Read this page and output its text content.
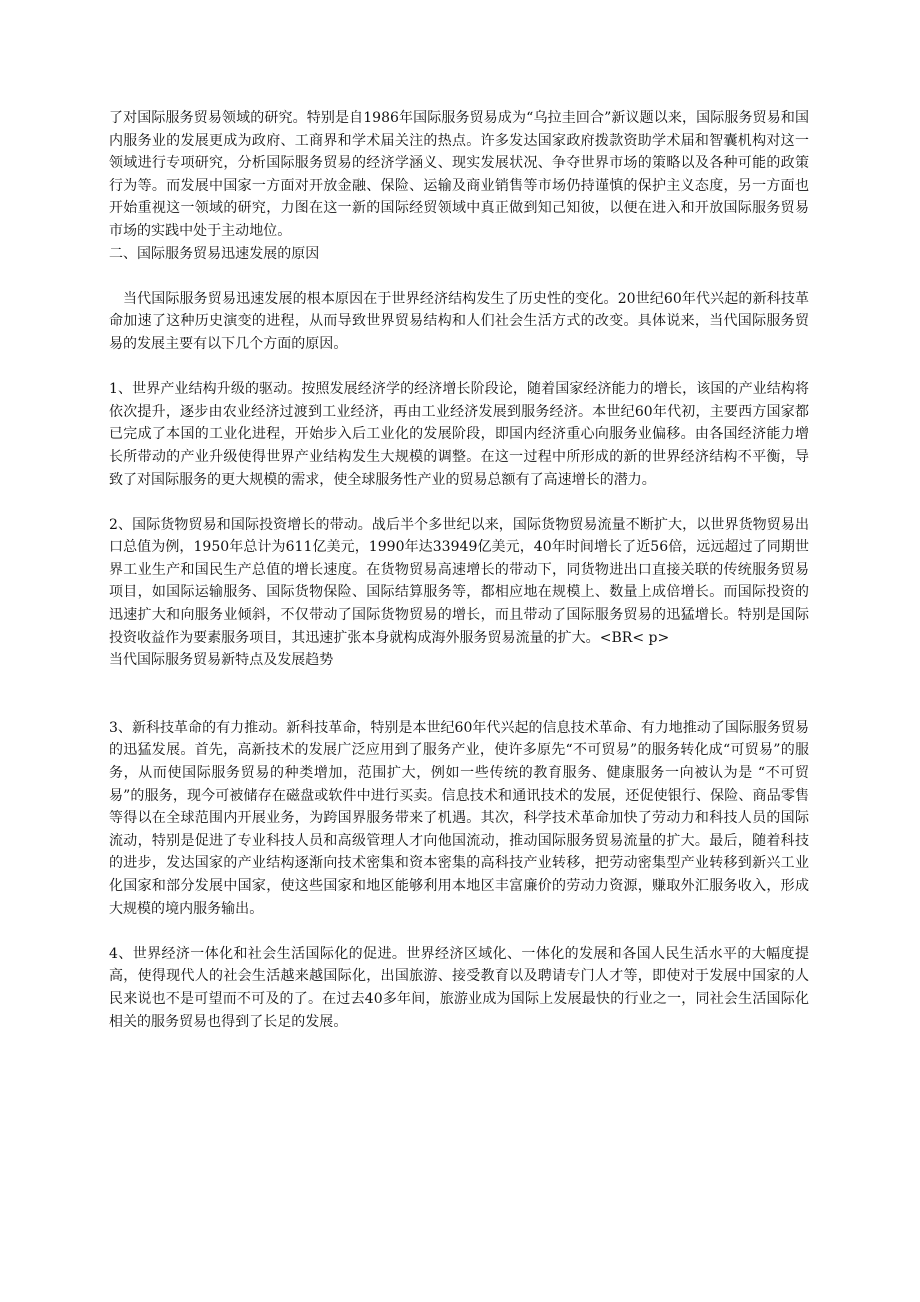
了对国际服务贸易领域的研究。特别是自1986年国际服务贸易成为“乌拉圭回合”新议题以来，国际服务贸易和国内服务业的发展更成为政府、工商界和学术届关注的热点。许多发达国家政府拨款资助学术届和智囊机构对这一领域进行专项研究，分析国际服务贸易的经济学涵义、现实发展状况、争夺世界市场的策略以及各种可能的政策行为等。而发展中国家一方面对开放金融、保险、运输及商业销售等市场仍持谨慎的保护主义态度，另一方面也开始重视这一领域的研究，力图在这一新的国际经贸领域中真正做到知己知彼，以便在进入和开放国际服务贸易市场的实践中处于主动地位。

二、国际服务贸易迅速发展的原因

当代国际服务贸易迅速发展的根本原因在于世界经济结构发生了历史性的变化。20世纪60年代兴起的新科技革命加速了这种历史演变的进程，从而导致世界贸易结构和人们社会生活方式的改变。具体说来，当代国际服务贸易的发展主要有以下几个方面的原因。

1、世界产业结构升级的驱动。按照发展经济学的经济增长阶段论，随着国家经济能力的增长，该国的产业结构将依次提升，逐步由农业经济过渡到工业经济，再由工业经济发展到服务经济。本世纪60年代初，主要西方国家都已完成了本国的工业化进程，开始步入后工业化的发展阶段，即国内经济重心向服务业偏移。由各国经济能力增长所带动的产业升级使得世界产业结构发生大规模的调整。在这一过程中所形成的新的世界经济结构不平衡，导致了对国际服务的更大规模的需求，使全球服务性产业的贸易总额有了高速增长的潜力。

2、国际货物贸易和国际投资增长的带动。战后半个多世纪以来，国际货物贸易流量不断扩大，以世界货物贸易出口总值为例，1950年总计为611亿美元，1990年达33949亿美元，40年时间增长了近56倍，远远超过了同期世界工业生产和国民生产总值的增长速度。在货物贸易高速增长的带动下，同货物进出口直接关联的传统服务贸易项目，如国际运输服务、国际货物保险、国际结算服务等，都相应地在规模上、数量上成倍增长。而国际投资的迅速扩大和向服务业倾斜，不仅带动了国际货物贸易的增长，而且带动了国际服务贸易的迅猛增长。特别是国际投资收益作为要素服务项目，其迅速扩张本身就构成海外服务贸易流量的扩大。<BR< p>

当代国际服务贸易新特点及发展趋势

3、新科技革命的有力推动。新科技革命，特别是本世纪60年代兴起的信息技术革命、有力地推动了国际服务贸易的迅猛发展。首先，高新技术的发展广泛应用到了服务产业，使许多原先“不可贸易”的服务转化成“可贸易”的服务，从而使国际服务贸易的种类增加，范围扩大，例如一些传统的教育服务、健康服务一向被认为是 “不可贸易”的服务，现今可被储存在磁盘或软件中进行买卖。信息技术和通讯技术的发展，还促使银行、保险、商品零售等得以在全球范围内开展业务，为跨国界服务带来了机遇。其次，科学技术革命加快了劳动力和科技人员的国际流动，特别是促进了专业科技人员和高级管理人才向他国流动，推动国际服务贸易流量的扩大。最后，随着科技的进步，发达国家的产业结构逐渐向技术密集和资本密集的高科技产业转移，把劳动密集型产业转移到新兴工业化国家和部分发展中国家，使这些国家和地区能够利用本地区丰富廉价的劳动力资源，赚取外汇服务收入，形成大规模的境内服务输出。

4、世界经济一体化和社会生活国际化的促进。世界经济区域化、一体化的发展和各国人民生活水平的大幅度提高，使得现代人的社会生活越来越国际化，出国旅游、接受教育以及聘请专门人才等，即使对于发展中国家的人民来说也不是可望而不可及的了。在过去40多年间，旅游业成为国际上发展最快的行业之一，同社会生活国际化相关的服务贸易也得到了长足的发展。
